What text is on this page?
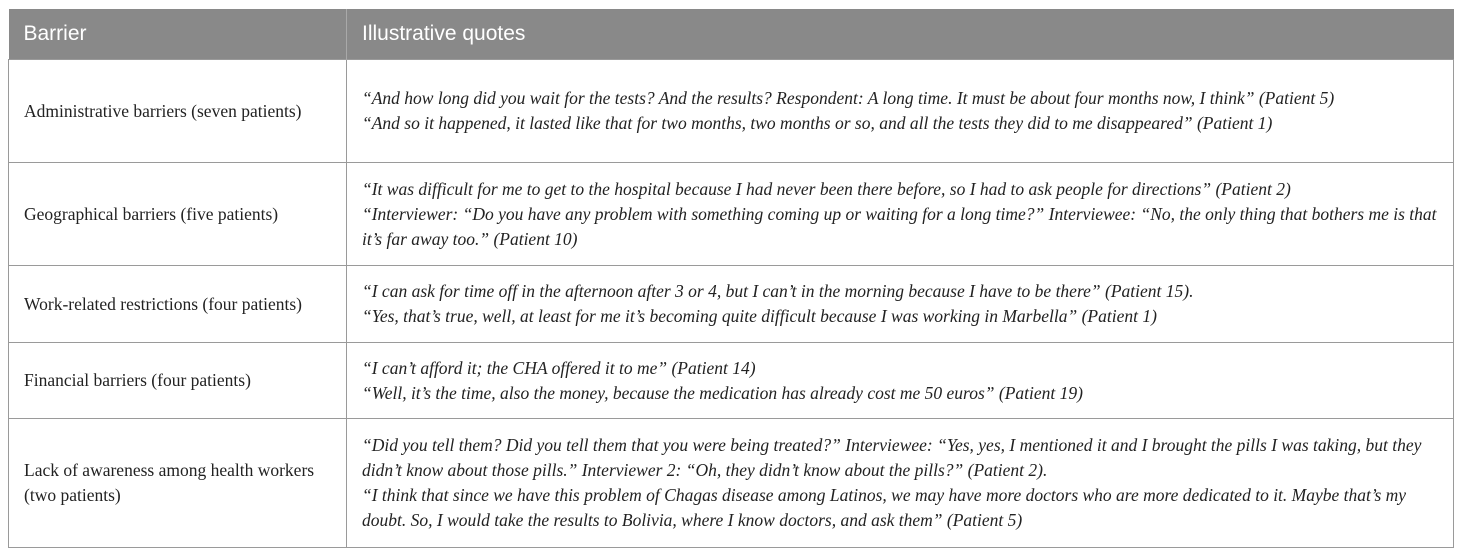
Barrier	Illustrative quotes
Administrative barriers (seven patients)	“And how long did you wait for the tests? And the results? Respondent: A long time. It must be about four months now, I think” (Patient 5)
“And so it happened, it lasted like that for two months, two months or so, and all the tests they did to me disappeared” (Patient 1)

Geographical barriers (five patients)	“It was difficult for me to get to the hospital because I had never been there before, so I had to ask people for directions” (Patient 2)
“Interviewer: “Do you have any problem with something coming up or waiting for a long time?” Interviewee: “No, the only thing that bothers me is that it’s far away too.” (Patient 10)

Work-related restrictions (four patients)	“I can ask for time off in the afternoon after 3 or 4, but I can’t in the morning because I have to be there” (Patient 15).
“Yes, that’s true, well, at least for me it’s becoming quite difficult because I was working in Marbella” (Patient 1)

Financial barriers (four patients)	“I can’t afford it; the CHA offered it to me” (Patient 14)
“Well, it’s the time, also the money, because the medication has already cost me 50 euros” (Patient 19)

Lack of awareness among health workers (two patients)	“Did you tell them? Did you tell them that you were being treated?” Interviewee: “Yes, yes, I mentioned it and I brought the pills I was taking, but they didn’t know about those pills.” Interviewer 2: “Oh, they didn’t know about the pills?” (Patient 2).
“I think that since we have this problem of Chagas disease among Latinos, we may have more doctors who are more dedicated to it. Maybe that’s my doubt. So, I would take the results to Bolivia, where I know doctors, and ask them” (Patient 5)
